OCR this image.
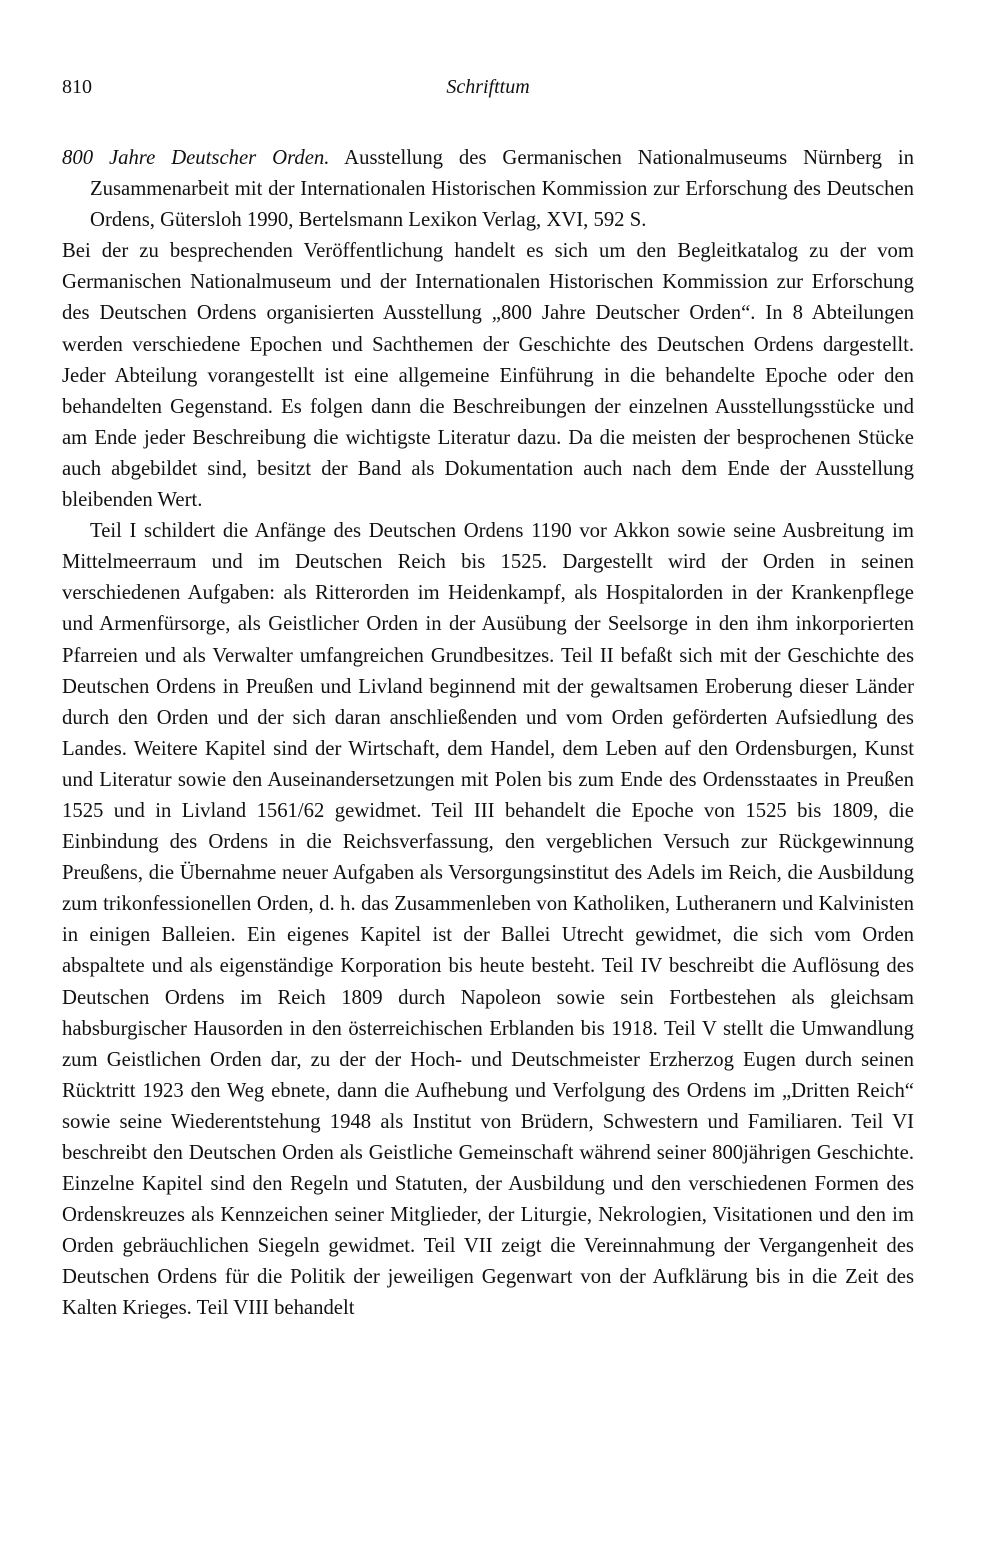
810	Schrifttum

800 Jahre Deutscher Orden. Ausstellung des Germanischen Nationalmuseums Nürnberg in Zusammenarbeit mit der Internationalen Historischen Kommission zur Erforschung des Deutschen Ordens, Gütersloh 1990, Bertelsmann Lexikon Verlag, XVI, 592 S.

Bei der zu besprechenden Veröffentlichung handelt es sich um den Begleitkatalog zu der vom Germanischen Nationalmuseum und der Internationalen Historischen Kommission zur Erforschung des Deutschen Ordens organisierten Ausstellung „800 Jahre Deutscher Orden“. In 8 Abteilungen werden verschiedene Epochen und Sachthemen der Geschichte des Deutschen Ordens dargestellt. Jeder Abteilung vorangestellt ist eine allgemeine Einführung in die behandelte Epoche oder den behandelten Gegenstand. Es folgen dann die Beschreibungen der einzelnen Ausstellungsstücke und am Ende jeder Beschreibung die wichtigste Literatur dazu. Da die meisten der besprochenen Stücke auch abgebildet sind, besitzt der Band als Dokumentation auch nach dem Ende der Ausstellung bleibenden Wert.

Teil I schildert die Anfänge des Deutschen Ordens 1190 vor Akkon sowie seine Ausbreitung im Mittelmeerraum und im Deutschen Reich bis 1525. Dargestellt wird der Orden in seinen verschiedenen Aufgaben: als Ritterorden im Heidenkampf, als Hospitalorden in der Krankenpflege und Armenfürsorge, als Geistlicher Orden in der Ausübung der Seelsorge in den ihm inkorporierten Pfarreien und als Verwalter umfangreichen Grundbesitzes. Teil II befaßt sich mit der Geschichte des Deutschen Ordens in Preußen und Livland beginnend mit der gewaltsamen Eroberung dieser Länder durch den Orden und der sich daran anschließenden und vom Orden geförderten Aufsiedlung des Landes. Weitere Kapitel sind der Wirtschaft, dem Handel, dem Leben auf den Ordensburgen, Kunst und Literatur sowie den Auseinandersetzungen mit Polen bis zum Ende des Ordensstaates in Preußen 1525 und in Livland 1561/62 gewidmet. Teil III behandelt die Epoche von 1525 bis 1809, die Einbindung des Ordens in die Reichsverfassung, den vergeblichen Versuch zur Rückgewinnung Preußens, die Übernahme neuer Aufgaben als Versorgungsinstitut des Adels im Reich, die Ausbildung zum trikonfessionellen Orden, d. h. das Zusammenleben von Katholiken, Lutheranern und Kalvinisten in einigen Balleien. Ein eigenes Kapitel ist der Ballei Utrecht gewidmet, die sich vom Orden abspaltete und als eigenständige Korporation bis heute besteht. Teil IV beschreibt die Auflösung des Deutschen Ordens im Reich 1809 durch Napoleon sowie sein Fortbestehen als gleichsam habsburgischer Hausorden in den österreichischen Erblanden bis 1918. Teil V stellt die Umwandlung zum Geistlichen Orden dar, zu der der Hoch- und Deutschmeister Erzherzog Eugen durch seinen Rücktritt 1923 den Weg ebnete, dann die Aufhebung und Verfolgung des Ordens im „Dritten Reich“ sowie seine Wiederentstehung 1948 als Institut von Brüdern, Schwestern und Familiaren. Teil VI beschreibt den Deutschen Orden als Geistliche Gemeinschaft während seiner 800jährigen Geschichte. Einzelne Kapitel sind den Regeln und Statuten, der Ausbildung und den verschiedenen Formen des Ordenskreuzes als Kennzeichen seiner Mitglieder, der Liturgie, Nekrologien, Visitationen und den im Orden gebräuchlichen Siegeln gewidmet. Teil VII zeigt die Vereinnahmung der Vergangenheit des Deutschen Ordens für die Politik der jeweiligen Gegenwart von der Aufklärung bis in die Zeit des Kalten Krieges. Teil VIII behandelt
